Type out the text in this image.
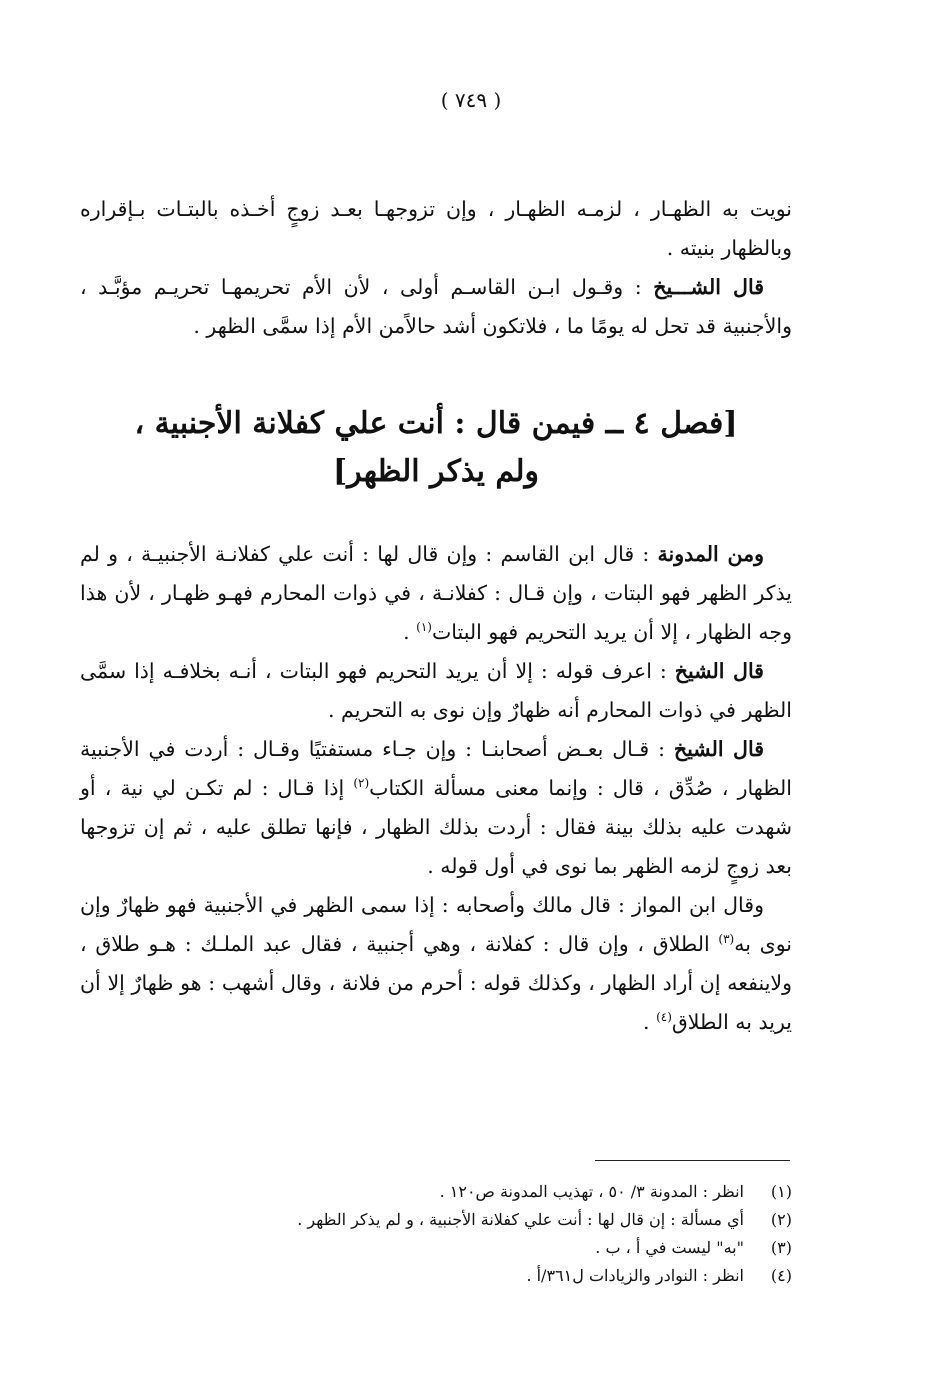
( ٧٤٩ )

نويت به الظهـار ، لزمـه الظهـار ، وإن تزوجهـا بعـد زوجٍ أخـذه بالبتـات بـإقراره وبالظهار بنيته .

قال الشـــيخ : وقـول ابـن القاسـم أولى ، لأن الأم تحريمهـا تحريـم مؤبَّـد ، والأجنبية قد تحل له يومًا ما ، فلاتكون أشد حالاًمن الأم إذا سمَّى الظهر .

[فصل ٤ ــ فيمن قال : أنت علي كفلانة الأجنبية ،
ولم يذكر الظهر]

ومن المدونة : قال ابن القاسم : وإن قال لها : أنت علي كفلانـة الأجنبيـة ، و لم يذكر الظهر فهو البتات ، وإن قـال : كفلانـة ، في ذوات المحارم فهـو ظهـار ، لأن هذا وجه الظهار ، إلا أن يريد التحريم فهو البتات$^{(١)}$ .

قال الشيخ : اعرف قوله : إلا أن يريد التحريم فهو البتات ، أنـه بخلافـه إذا سمَّى الظهر في ذوات المحارم أنه ظهارٌ وإن نوى به التحريم .

قال الشيخ : قـال بعـض أصحابنـا : وإن جـاء مستفتيًا وقـال : أردت في الأجنبية الظهار ، صُدِّق ، قال : وإنما معنى مسألة الكتاب$^{(٢)}$ إذا قـال : لم تكـن لي نية ، أو شهدت عليه بذلك بينة فقال : أردت بذلك الظهار ، فإنها تطلق عليه ، ثم إن تزوجها بعد زوجٍ لزمه الظهر بما نوى في أول قوله .

وقال ابن المواز : قال مالك وأصحابه : إذا سمى الظهر في الأجنبية فهو ظهارٌ وإن نوى به$^{(٣)}$ الطلاق ، وإن قال : كفلانة ، وهي أجنبية ، فقال عبد الملـك : هـو طلاق ، ولاينفعه إن أراد الظهار ، وكذلك قوله : أحرم من فلانة ، وقال أشهب : هو ظهارٌ إلا أن يريد به الطلاق$^{(٤)}$ .

(١)
انظر : المدونة ٣/ ٥٠ ، تهذيب المدونة ص١٢٠ .
(٢)
أي مسألة : إن قال لها : أنت علي كفلانة الأجنبية ، و لم يذكر الظهر .
(٣)
"به" ليست في أ ، ب .
(٤)
انظر : النوادر والزيادات ل٣٦١/أ .
